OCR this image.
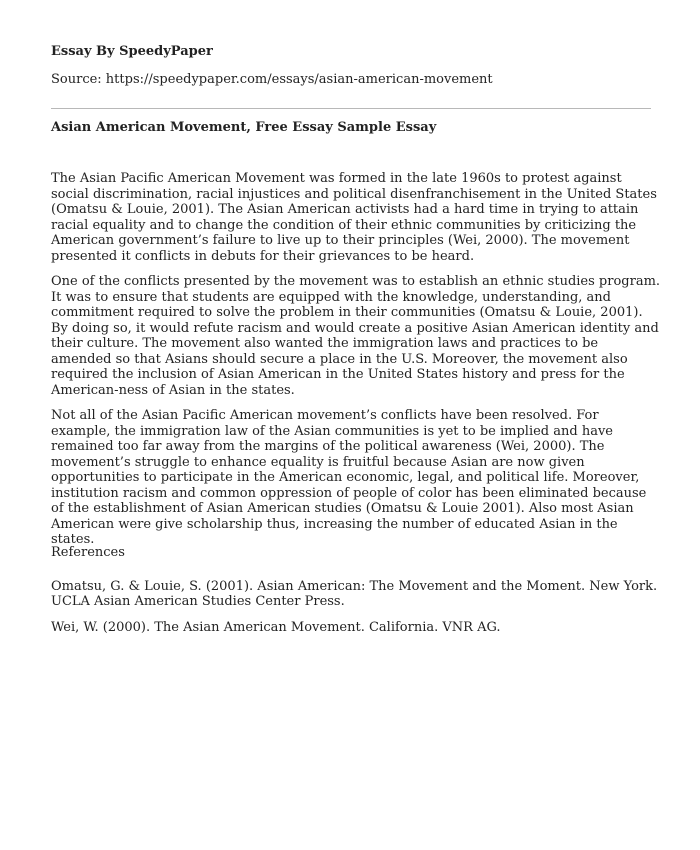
Essay By SpeedyPaper
Source: https://speedypaper.com/essays/asian-american-movement
Asian American Movement, Free Essay Sample Essay

The Asian Pacific American Movement was formed in the late 1960s to protest against social discrimination, racial injustices and political disenfranchisement in the United States (Omatsu & Louie, 2001). The Asian American activists had a hard time in trying to attain racial equality and to change the condition of their ethnic communities by criticizing the American government’s failure to live up to their principles (Wei, 2000). The movement presented it conflicts in debuts for their grievances to be heard.

One of the conflicts presented by the movement was to establish an ethnic studies program. It was to ensure that students are equipped with the knowledge, understanding, and commitment required to solve the problem in their communities (Omatsu & Louie, 2001). By doing so, it would refute racism and would create a positive Asian American identity and their culture. The movement also wanted the immigration laws and practices to be amended so that Asians should secure a place in the U.S. Moreover, the movement also required the inclusion of Asian American in the United States history and press for the American-ness of Asian in the states.

Not all of the Asian Pacific American movement’s conflicts have been resolved. For example, the immigration law of the Asian communities is yet to be implied and have remained too far away from the margins of the political awareness (Wei, 2000). The movement’s struggle to enhance equality is fruitful because Asian are now given opportunities to participate in the American economic, legal, and political life. Moreover, institution racism and common oppression of people of color has been eliminated because of the establishment of Asian American studies (Omatsu & Louie 2001). Also most Asian American were give scholarship thus, increasing the number of educated Asian in the states.

References

Omatsu, G. & Louie, S. (2001). Asian American: The Movement and the Moment. New York. UCLA Asian American Studies Center Press.

Wei, W. (2000). The Asian American Movement. California. VNR AG.
